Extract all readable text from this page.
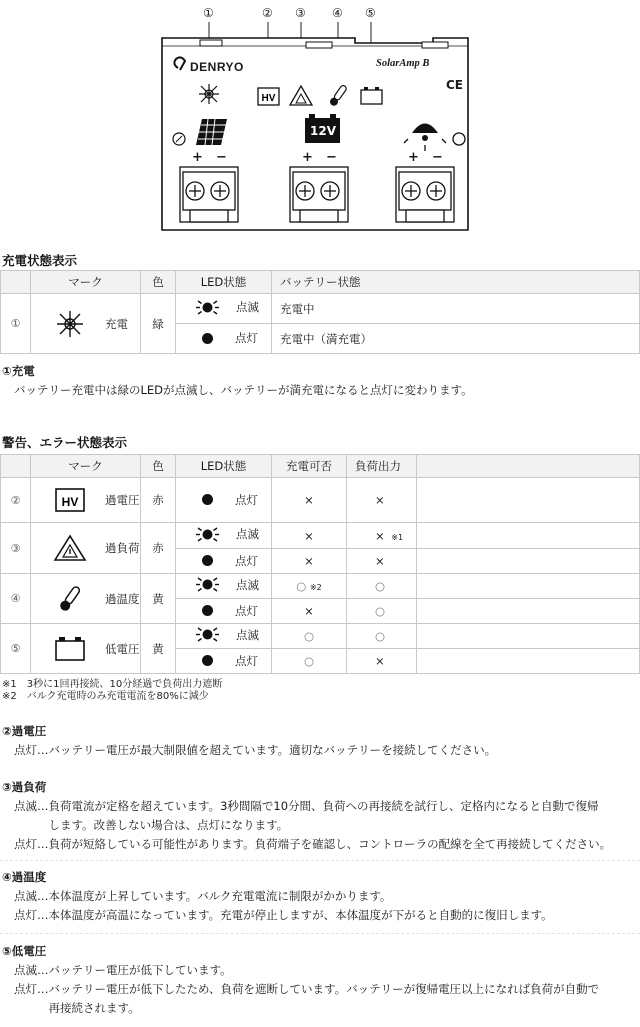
HV
①	② ③ ④ ⑤
DENRYO	SolarAmp B
CE
12V
+ −	+ −	+ −
充電状態表示
	マーク	色	LED状態	バッテリー状態
①	充電	緑	点滅	充電中

			点灯	充電中（満充電）
①充電
バッテリー充電中は緑のLEDが点滅し、バッテリーが満充電になると点灯に変わります。
警告、エラー状態表示
	マーク	色	LED状態	充電可否	負荷出力	
②	HV 過電圧	赤	点灯	×	×	
③	過負荷	赤	点滅	×	× ※1	

			点灯	×	×	
④	過温度	黄	点滅	○ ※2	○	

			点灯	×	○	
⑤	低電圧	黄	点滅	○	○	

			点灯	○	×	
※1　3秒に1回再接続、10分経過で負荷出力遮断
※2　バルク充電時のみ充電電流を80%に減少
②過電圧
点灯…バッテリー電圧が最大制限値を超えています。適切なバッテリーを接続してください。
③過負荷
点滅…負荷電流が定格を超えています。3秒間隔で10分間、負荷への再接続を試行し、定格内になると自動で復帰
　　　します。改善しない場合は、点灯になります。
点灯…負荷が短絡している可能性があります。負荷端子を確認し、コントローラの配線を全て再接続してください。
④過温度
点滅…本体温度が上昇しています。バルク充電電流に制限がかかります。
点灯…本体温度が高温になっています。充電が停止しますが、本体温度が下がると自動的に復旧します。
⑤低電圧
点滅…バッテリー電圧が低下しています。
点灯…バッテリー電圧が低下したため、負荷を遮断しています。バッテリーが復帰電圧以上になれば負荷が自動で
　　　再接続されます。
